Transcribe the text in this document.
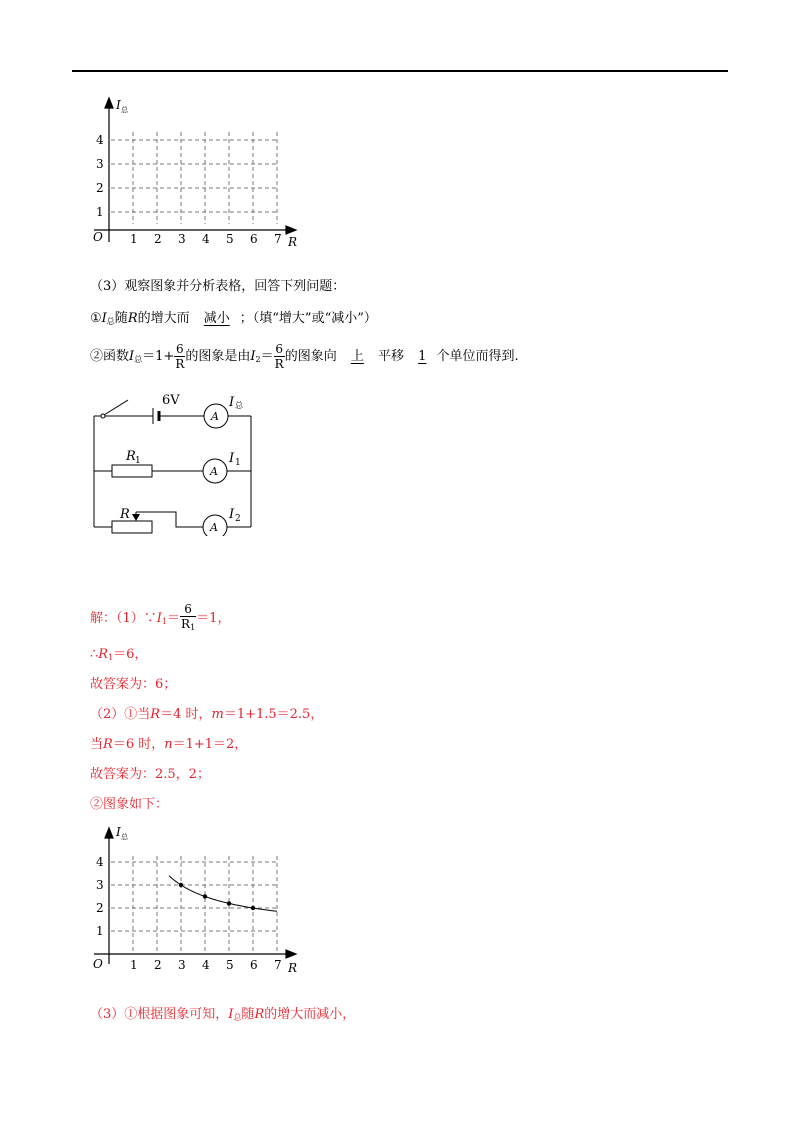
I 总
R
O 1 2 3 4 5 6 7
1
2
3
4
（3）观察图象并分析表格，回答下列问题：
$①I_总$随R的增大而 减小 ；（填“增大”或“减小”）
②函数$I_总=1+ \frac{6}{R}$ 的图象是由$I_2= \frac{6}{R}$ 的图象向 上 平移 1 个单位而得到.
6V
A
A
A
I 总
I 1
I 2
R 1
R
解：$(1)\because I_1= \frac{6}{R_1} =1$，
$\therefore R_1=6$，
故答案为：6；
（2）①当R＝4 时，m＝1+1.5＝2.5，
当R＝6 时，n＝1+1＝2，
故答案为：2.5，2；
②图象如下：
I 总
R
O 1 2 3 4 5 6 7
1
2
3
4
（3）①根据图象可知，$I_总$随R的增大而减小，
